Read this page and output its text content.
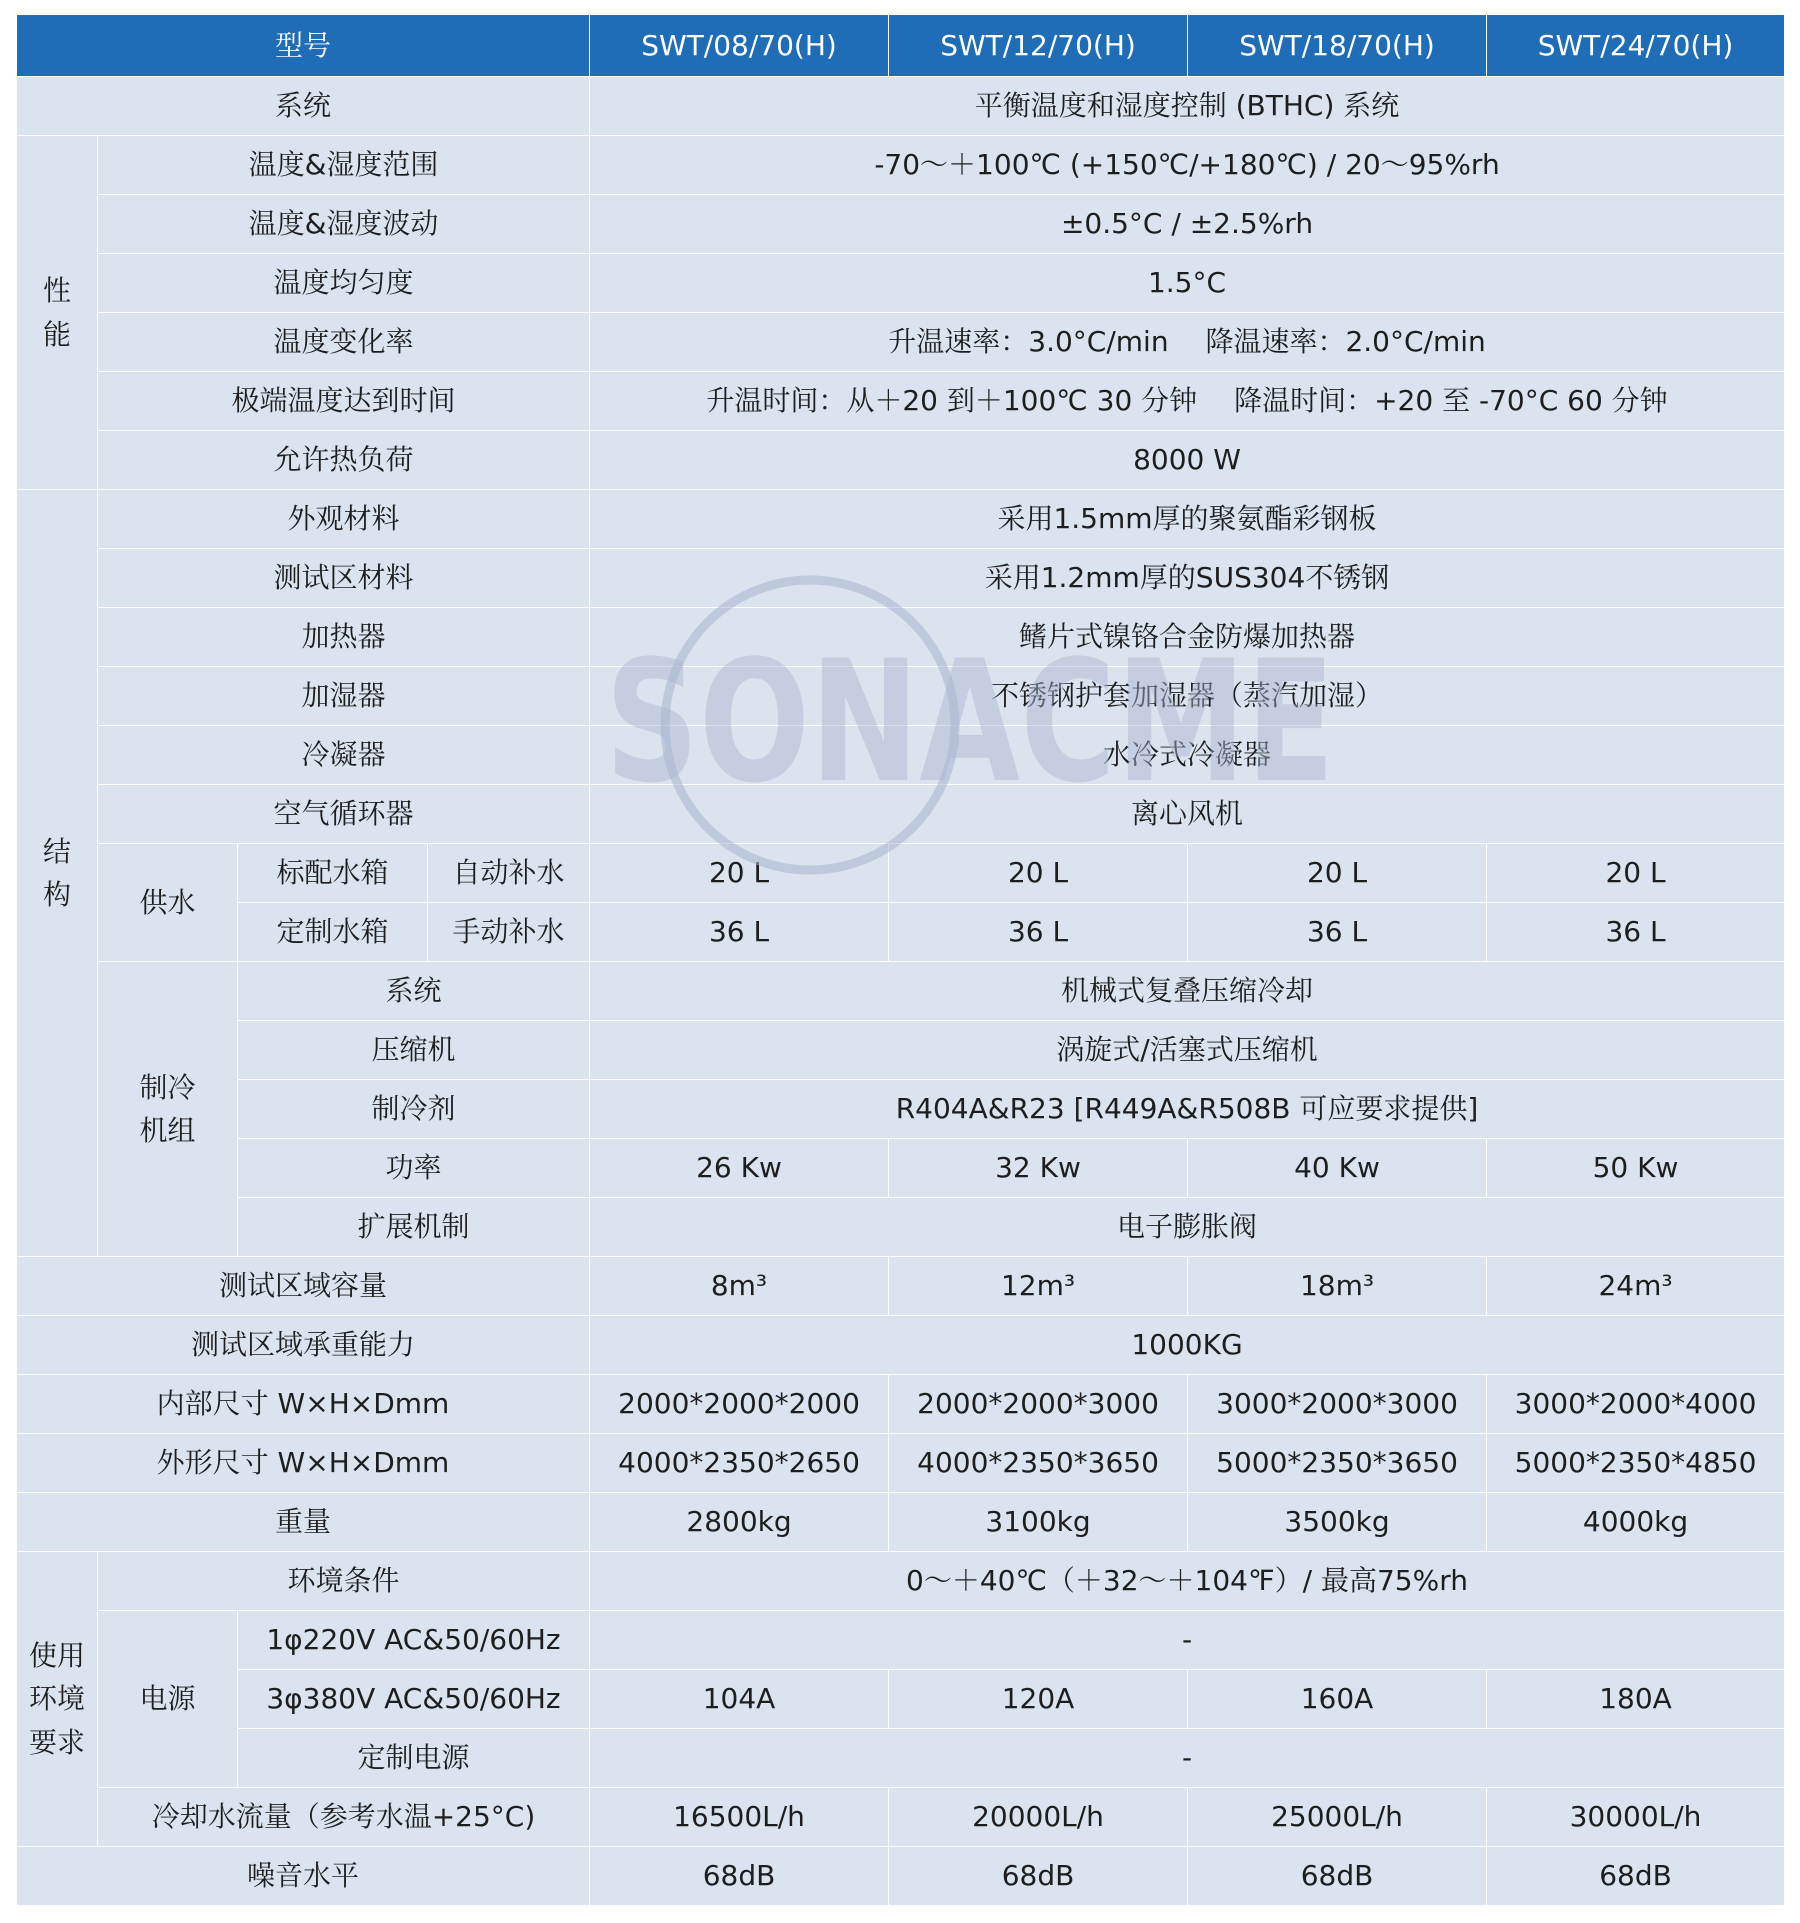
型号				SWT/08/70(H)	SWT/12/70(H)	SWT/18/70(H)	SWT/24/70(H)
系统				平衡温度和湿度控制 (BTHC) 系统			

性
能	温度&湿度范围			-70～＋100℃ (+150℃/+180℃) / 20～95%rh			
	温度&湿度波动			±0.5°C / ±2.5%rh			
	温度均匀度			1.5°C			
	温度变化率			升温速率：3.0°C/min　 降温速率：2.0°C/min			
	极端温度达到时间			升温时间：从＋20 到＋100℃ 30 分钟　 降温时间：+20 至 -70°C 60 分钟			
	允许热负荷			8000 W			

结
构	外观材料			采用1.5mm厚的聚氨酯彩钢板			
	测试区材料			采用1.2mm厚的SUS304不锈钢			
	加热器			鳍片式镍铬合金防爆加热器			
	加湿器			不锈钢护套加湿器（蒸汽加湿）			
	冷凝器			水冷式冷凝器			
	空气循环器			离心风机			
	供水	标配水箱	自动补水	20 L	20 L	20 L	20 L
		定制水箱	手动补水	36 L	36 L	36 L	36 L

	制冷
机组	系统		机械式复叠压缩冷却			
		压缩机		涡旋式/活塞式压缩机			
		制冷剂		R404A&R23 [R449A&R508B 可应要求提供]			
		功率		26 Kw	32 Kw	40 Kw	50 Kw
		扩展机制		电子膨胀阀			
测试区域容量				8m³	12m³	18m³	24m³
测试区域承重能力				1000KG			
内部尺寸 W×H×Dmm				2000*2000*2000	2000*2000*3000	3000*2000*3000	3000*2000*4000
外形尺寸 W×H×Dmm				4000*2350*2650	4000*2350*3650	5000*2350*3650	5000*2350*4850
重量				2800kg	3100kg	3500kg	4000kg

使用
环境
要求	环境条件			0～＋40℃（＋32～＋104℉）/ 最高75%rh			
	电源	1φ220V AC&50/60Hz		-			
		3φ380V AC&50/60Hz		104A	120A	160A	180A
		定制电源		-			
	冷却水流量（参考水温+25°C)			16500L/h	20000L/h	25000L/h	30000L/h
噪音水平				68dB	68dB	68dB	68dB
SONACME
